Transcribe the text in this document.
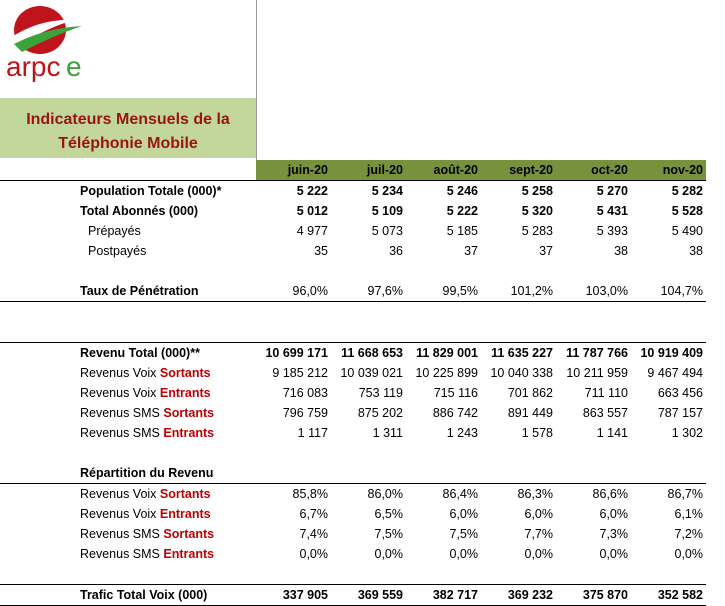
arpc e
Indicateurs Mensuels de la
Téléphonie Mobile
	juin-20	juil-20	août-20	sept-20	oct-20	nov-20
Population Totale (000)*	5 222	5 234	5 246	5 258	5 270	5 282
Total Abonnés (000)	5 012	5 109	5 222	5 320	5 431	5 528
Prépayés	4 977	5 073	5 185	5 283	5 393	5 490
Postpayés	35	36	37	37	38	38

Taux de Pénétration	96,0%	97,6%	99,5%	101,2%	103,0%	104,7%

Revenu Total (000)**	10 699 171	11 668 653	11 829 001	11 635 227	11 787 766	10 919 409
Revenus Voix Sortants	9 185 212	10 039 021	10 225 899	10 040 338	10 211 959	9 467 494
Revenus Voix Entrants	716 083	753 119	715 116	701 862	711 110	663 456
Revenus SMS Sortants	796 759	875 202	886 742	891 449	863 557	787 157
Revenus SMS Entrants	1 117	1 311	1 243	1 578	1 141	1 302

Répartition du Revenu						
Revenus Voix Sortants	85,8%	86,0%	86,4%	86,3%	86,6%	86,7%
Revenus Voix Entrants	6,7%	6,5%	6,0%	6,0%	6,0%	6,1%
Revenus SMS Sortants	7,4%	7,5%	7,5%	7,7%	7,3%	7,2%
Revenus SMS Entrants	0,0%	0,0%	0,0%	0,0%	0,0%	0,0%

Trafic Total Voix (000)	337 905	369 559	382 717	369 232	375 870	352 582
